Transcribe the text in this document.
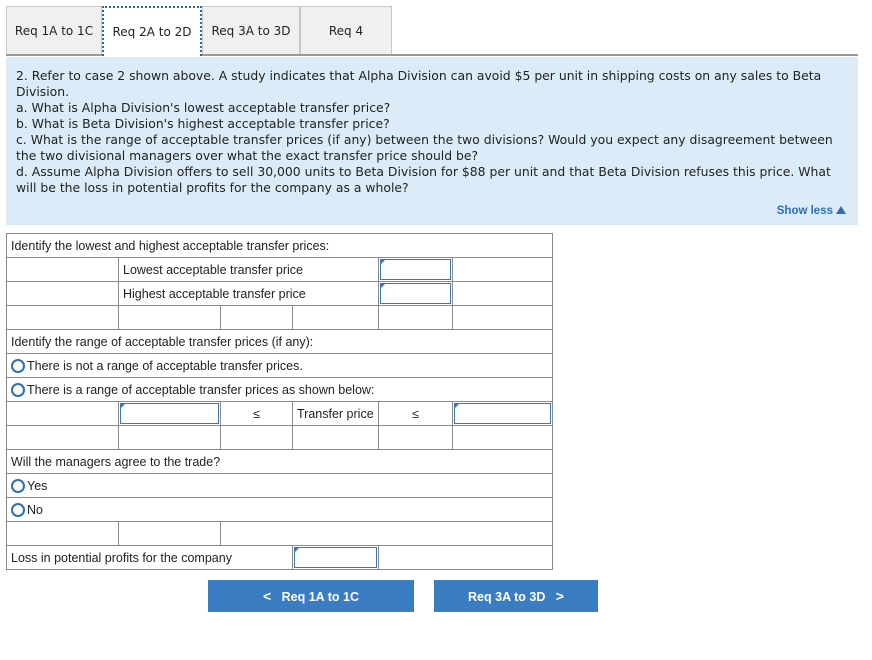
Req 1A to 1C	Req 2A to 2D	Req 3A to 3D	Req 4

2. Refer to case 2 shown above. A study indicates that Alpha Division can avoid $5 per unit in shipping costs on any sales to Beta Division.

a. What is Alpha Division's lowest acceptable transfer price?

b. What is Beta Division's highest acceptable transfer price?

c. What is the range of acceptable transfer prices (if any) between the two divisions? Would you expect any disagreement between the two divisional managers over what the exact transfer price should be?

d. Assume Alpha Division offers to sell 30,000 units to Beta Division for $88 per unit and that Beta Division refuses this price. What will be the loss in potential profits for the company as a whole?

Show less
Identify the lowest and highest acceptable transfer prices:					
	Lowest acceptable transfer price			

	Highest acceptable transfer price			

Identify the range of acceptable transfer prices (if any):					
There is not a range of acceptable transfer prices.					
There is a range of acceptable transfer prices as shown below:					

	≤	Transfer price	≤	

Will the managers agree to the trade?					
Yes					
No					

Loss in potential profits for the company				

< Req 1A to 1C	Req 3A to 3D >
